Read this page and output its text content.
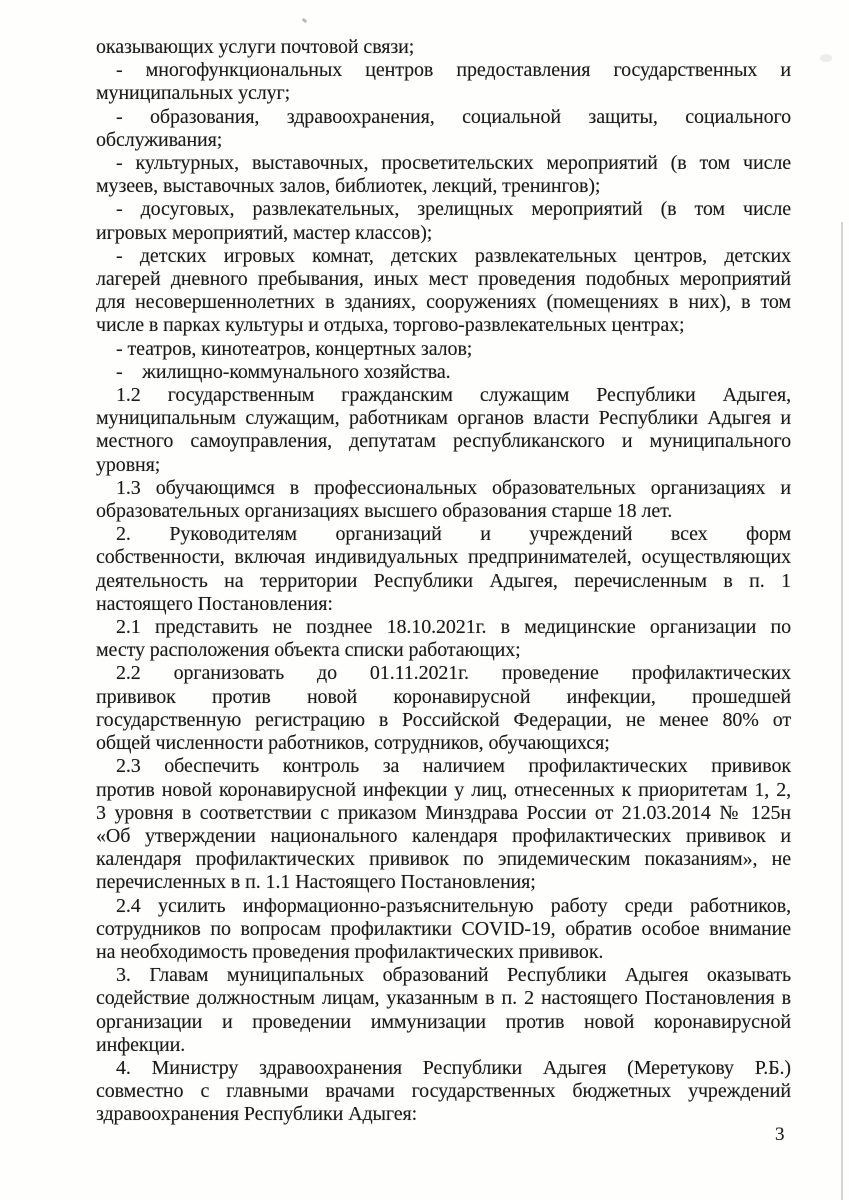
оказывающих услуги почтовой связи;
- многофункциональных центров предоставления государственных и
муниципальных услуг;
- образования, здравоохранения, социальной защиты, социального
обслуживания;
- культурных, выставочных, просветительских мероприятий (в том числе
музеев, выставочных залов, библиотек, лекций, тренингов);
- досуговых, развлекательных, зрелищных мероприятий (в том числе
игровых мероприятий, мастер классов);
- детских игровых комнат, детских развлекательных центров, детских
лагерей дневного пребывания, иных мест проведения подобных мероприятий
для несовершеннолетних в зданиях, сооружениях (помещениях в них), в том
числе в парках культуры и отдыха, торгово-развлекательных центрах;
- театров, кинотеатров, концертных залов;
-    жилищно-коммунального хозяйства.
1.2 государственным гражданским служащим Республики Адыгея,
муниципальным служащим, работникам органов власти Республики Адыгея и
местного самоуправления, депутатам республиканского и муниципального
уровня;
1.3 обучающимся в профессиональных образовательных организациях и
образовательных организациях высшего образования старше 18 лет.
2. Руководителям организаций и учреждений всех форм
собственности, включая индивидуальных предпринимателей, осуществляющих
деятельность на территории Республики Адыгея, перечисленным в п. 1
настоящего Постановления:
2.1 представить не позднее 18.10.2021г. в медицинские организации по
месту расположения объекта списки работающих;
2.2 организовать до 01.11.2021г. проведение профилактических
прививок против новой коронавирусной инфекции, прошедшей
государственную регистрацию в Российской Федерации, не менее 80% от
общей численности работников, сотрудников, обучающихся;
2.3 обеспечить контроль за наличием профилактических прививок
против новой коронавирусной инфекции у лиц, отнесенных к приоритетам 1, 2,
3 уровня в соответствии с приказом Минздрава России от 21.03.2014 № 125н
«Об утверждении национального календаря профилактических прививок и
календаря профилактических прививок по эпидемическим показаниям», не
перечисленных в п. 1.1 Настоящего Постановления;
2.4 усилить информационно-разъяснительную работу среди работников,
сотрудников по вопросам профилактики COVID-19, обратив особое внимание
на необходимость проведения профилактических прививок.
3. Главам муниципальных образований Республики Адыгея оказывать
содействие должностным лицам, указанным в п. 2 настоящего Постановления в
организации и проведении иммунизации против новой коронавирусной
инфекции.
4. Министру здравоохранения Республики Адыгея (Меретукову Р.Б.)
совместно с главными врачами государственных бюджетных учреждений
здравоохранения Республики Адыгея:
3
